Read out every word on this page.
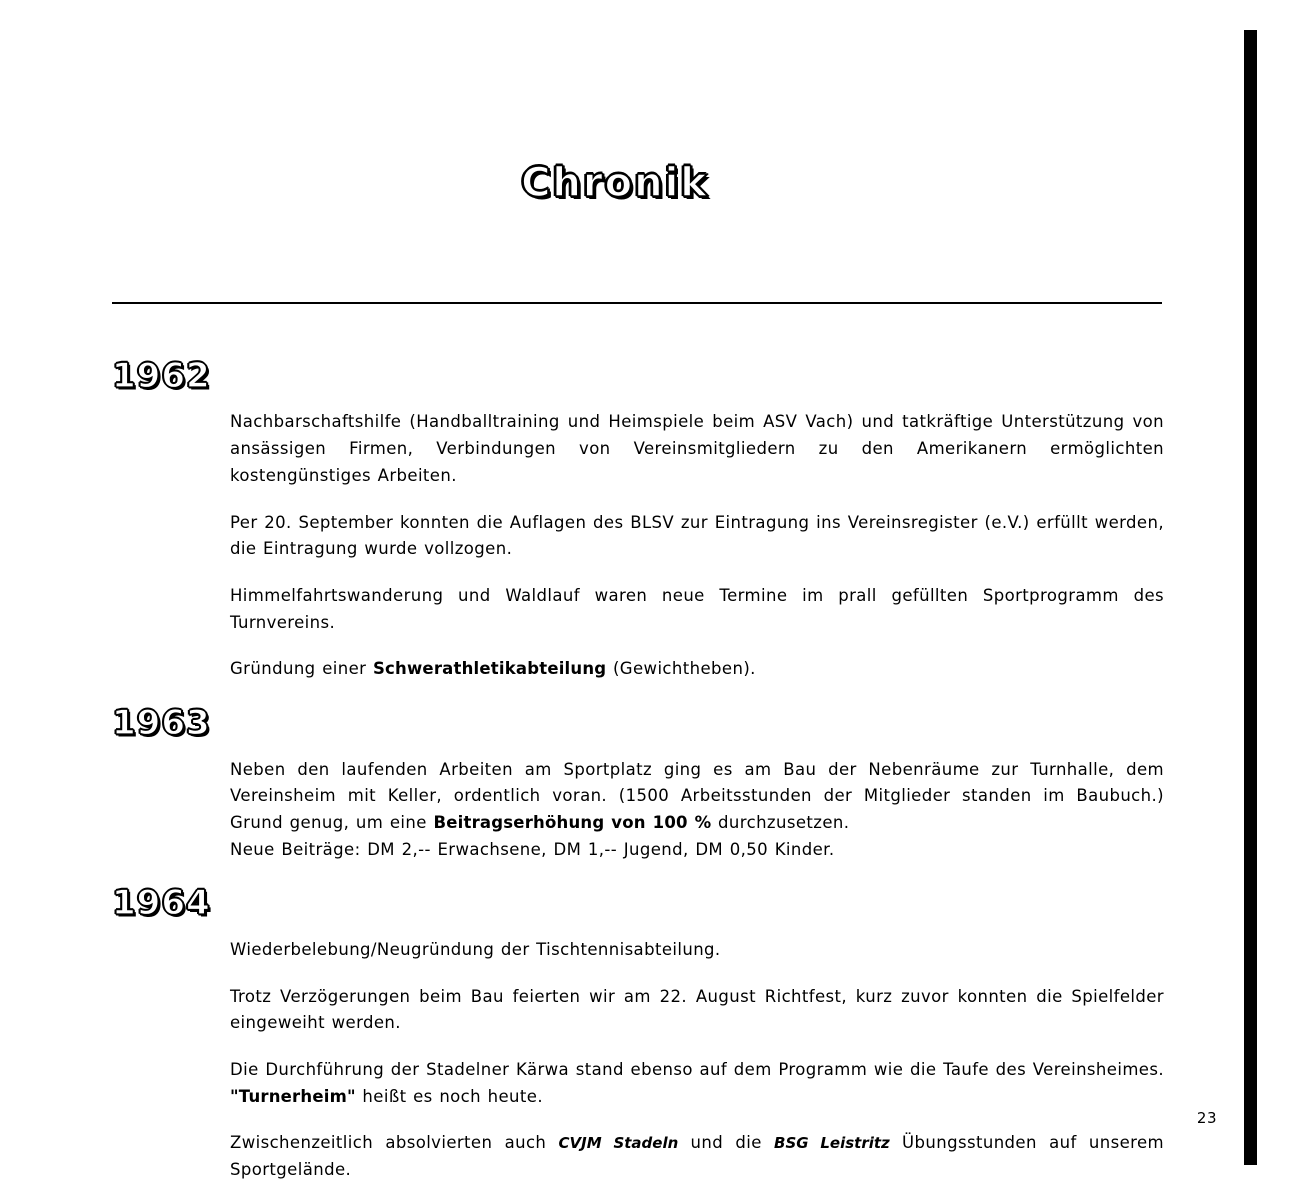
Chronik
1962

Nachbarschaftshilfe (Handballtraining und Heimspiele beim ASV Vach) und tatkräftige Unterstützung von ansässigen Firmen, Verbindungen von Vereinsmitgliedern zu den Amerikanern ermöglichten kostengünstiges Arbeiten.

Per 20. September konnten die Auflagen des BLSV zur Eintragung ins Vereinsregister (e.V.) erfüllt werden, die Eintragung wurde vollzogen.

Himmelfahrtswanderung und Waldlauf waren neue Termine im prall gefüllten Sportprogramm des Turnvereins.

Gründung einer Schwerathletikabteilung (Gewichtheben).

1963

Neben den laufenden Arbeiten am Sportplatz ging es am Bau der Nebenräume zur Turnhalle, dem Vereinsheim mit Keller, ordentlich voran. (1500 Arbeitsstunden der Mitglieder standen im Baubuch.) Grund genug, um eine Beitragserhöhung von 100 % durchzusetzen.

Neue Beiträge: DM 2,-- Erwachsene, DM 1,-- Jugend, DM 0,50 Kinder.

1964

Wiederbelebung/Neugründung der Tischtennisabteilung.

Trotz Verzögerungen beim Bau feierten wir am 22. August Richtfest, kurz zuvor konnten die Spielfelder eingeweiht werden.

Die Durchführung der Stadelner Kärwa stand ebenso auf dem Programm wie die Taufe des Vereinsheimes. "Turnerheim" heißt es noch heute.

Zwischenzeitlich absolvierten auch CVJM Stadeln und die BSG Leistritz Übungsstunden auf unserem Sportgelände.

23
